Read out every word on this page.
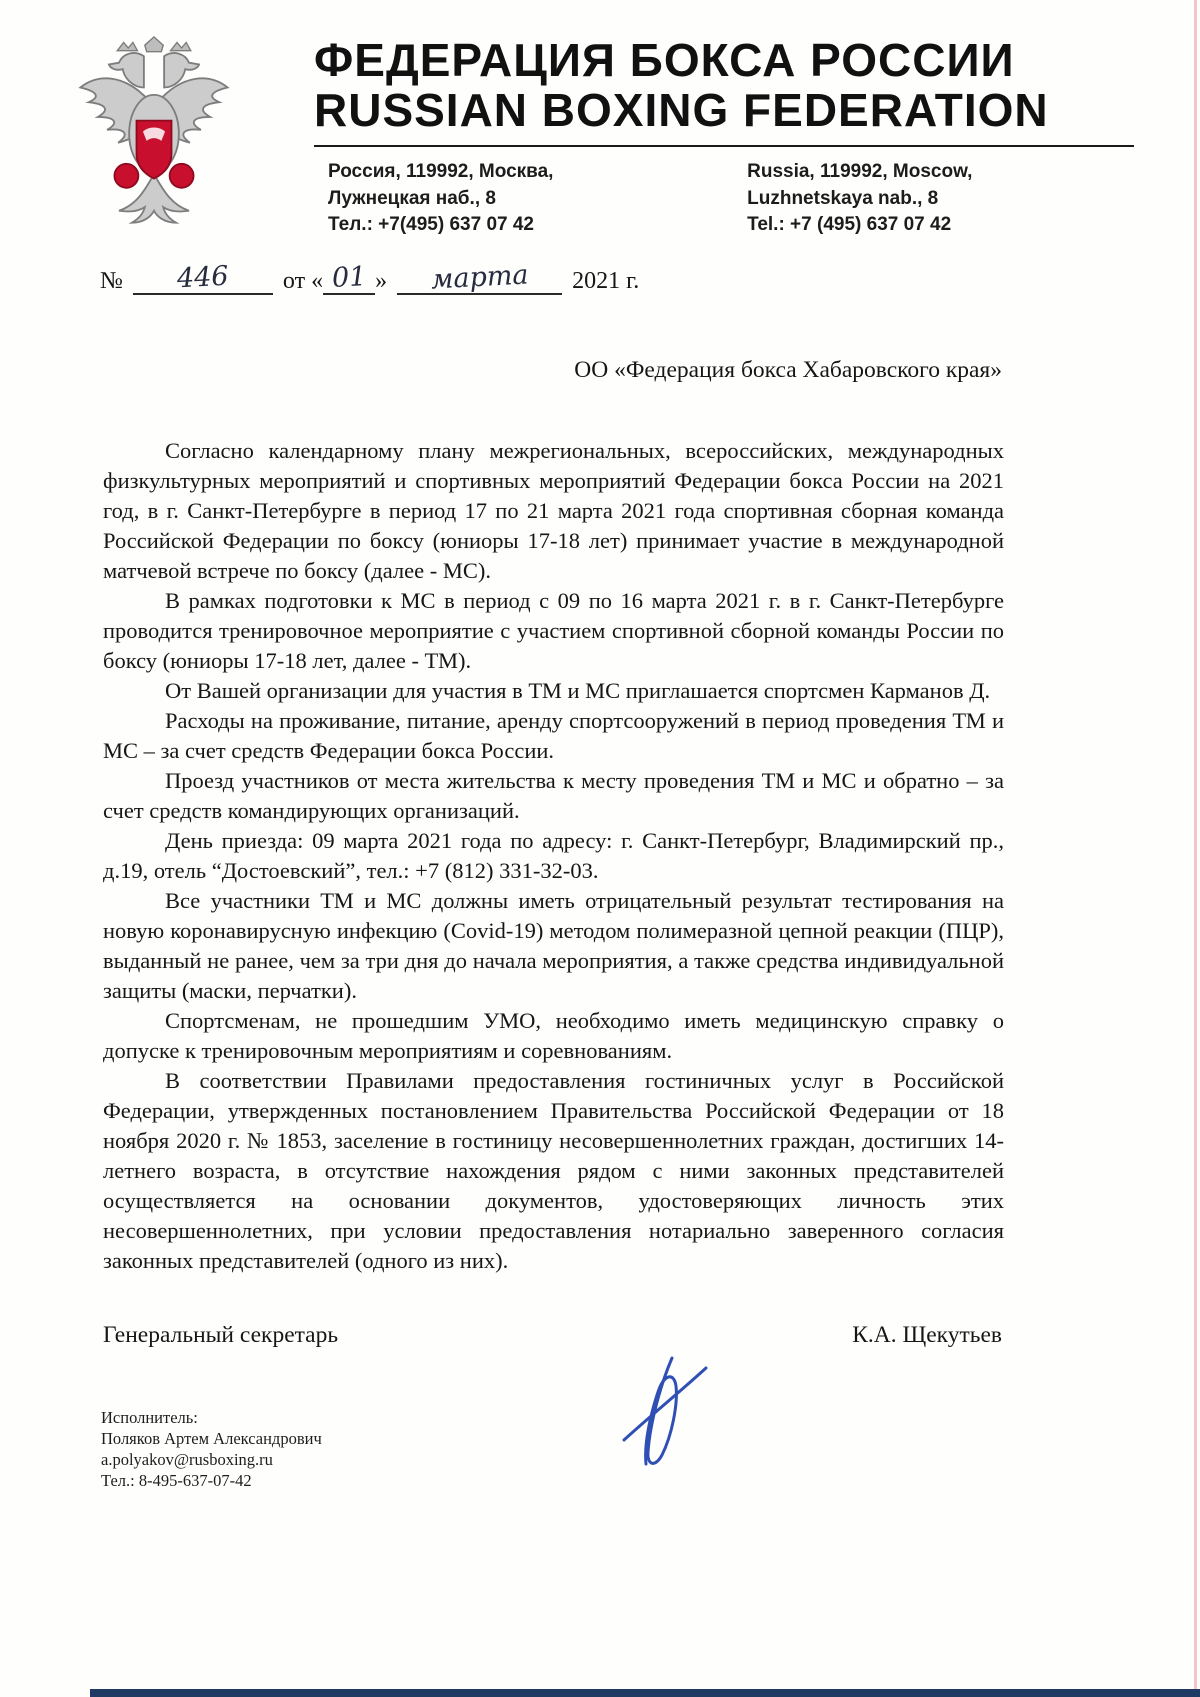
ФЕДЕРАЦИЯ БОКСА РОССИИ
RUSSIAN BOXING FEDERATION
Россия, 119992, Москва,
Лужнецкая наб., 8
Тел.: +7(495) 637 07 42
Russia, 119992, Moscow,
Luzhnetskaya nab., 8
Tel.: +7 (495) 637 07 42
№	446	от « 01 »	марта	2021 г.
ОО «Федерация бокса Хабаровского края»

Согласно календарному плану межрегиональных, всероссийских, международных физкультурных мероприятий и спортивных мероприятий Федерации бокса России на 2021 год, в г. Санкт-Петербурге в период 17 по 21 марта 2021 года спортивная сборная команда Российской Федерации по боксу (юниоры 17-18 лет) принимает участие в международной матчевой встрече по боксу (далее - МС).

В рамках подготовки к МС в период с 09 по 16 марта 2021 г. в г. Санкт-Петербурге проводится тренировочное мероприятие с участием спортивной сборной команды России по боксу (юниоры 17-18 лет, далее - ТМ).

От Вашей организации для участия в ТМ и МС приглашается спортсмен Карманов Д.

Расходы на проживание, питание, аренду спортсооружений в период проведения ТМ и МС – за счет средств Федерации бокса России.

Проезд участников от места жительства к месту проведения ТМ и МС и обратно – за счет средств командирующих организаций.

День приезда: 09 марта 2021 года по адресу: г. Санкт-Петербург, Владимирский пр., д.19, отель “Достоевский”, тел.: +7 (812) 331-32-03.

Все участники ТМ и МС должны иметь отрицательный результат тестирования на новую коронавирусную инфекцию (Covid-19) методом полимеразной цепной реакции (ПЦР), выданный не ранее, чем за три дня до начала мероприятия, а также средства индивидуальной защиты (маски, перчатки).

Спортсменам, не прошедшим УМО, необходимо иметь медицинскую справку о допуске к тренировочным мероприятиям и соревнованиям.

В соответствии Правилами предоставления гостиничных услуг в Российской Федерации, утвержденных постановлением Правительства Российской Федерации от 18 ноября 2020 г. № 1853, заселение в гостиницу несовершеннолетних граждан, достигших 14-летнего возраста, в отсутствие нахождения рядом с ними законных представителей осуществляется на основании документов, удостоверяющих личность этих несовершеннолетних, при условии предоставления нотариально заверенного согласия законных представителей (одного из них).

Генеральный секретарь	К.А. Щекутьев
Исполнитель:
Поляков Артем Александрович
a.polyakov@rusboxing.ru
Тел.: 8-495-637-07-42
